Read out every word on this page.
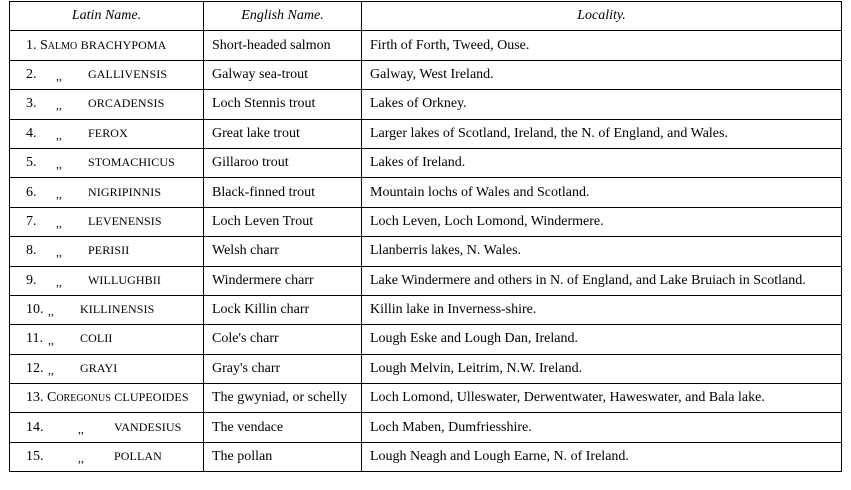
Latin Name.	English Name.	Locality.
1. Salmo BRACHYPOMA	Short-headed salmon	Firth of Forth, Tweed, Ouse.
2. ,, GALLIVENSIS	Galway sea-trout	Galway, West Ireland.
3. ,, ORCADENSIS	Loch Stennis trout	Lakes of Orkney.
4. ,, FEROX	Great lake trout	Larger lakes of Scotland, Ireland, the N. of England, and Wales.
5. ,, STOMACHICUS	Gillaroo trout	Lakes of Ireland.
6. ,, NIGRIPINNIS	Black-finned trout	Mountain lochs of Wales and Scotland.
7. ,, LEVENENSIS	Loch Leven Trout	Loch Leven, Loch Lomond, Windermere.
8. ,, PERISII	Welsh charr	Llanberris lakes, N. Wales.
9. ,, WILLUGHBII	Windermere charr	Lake Windermere and others in N. of England, and Lake Bruiach in Scotland.
10. ,, KILLINENSIS	Lock Killin charr	Killin lake in Inverness-shire.
11. ,, COLII	Cole's charr	Lough Eske and Lough Dan, Ireland.
12. ,, GRAYI	Gray's charr	Lough Melvin, Leitrim, N.W. Ireland.
13. Coregonus CLUPEOIDES	The gwyniad, or schelly	Loch Lomond, Ulleswater, Derwentwater, Haweswater, and Bala lake.
14. ,, VANDESIUS	The vendace	Loch Maben, Dumfriesshire.
15. ,, POLLAN	The pollan	Lough Neagh and Lough Earne, N. of Ireland.
